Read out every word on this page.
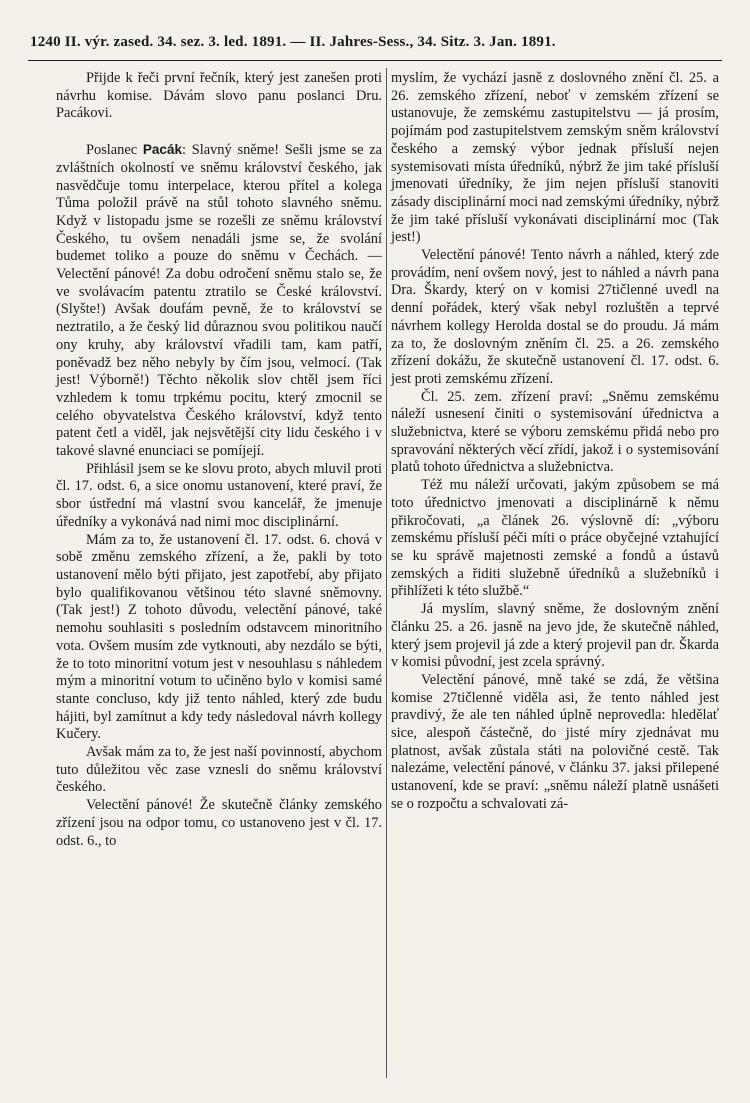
1240 II. výr. zased. 34. sez. 3. led. 1891. — II. Jahres-Sess., 34. Sitz. 3. Jan. 1891.

Přijde k řeči první řečník, který jest zanešen proti návrhu komise. Dávám slovo panu poslanci Dru. Pacákovi.

Poslanec Pacák: Slavný sněme! Sešli jsme se za zvláštních okolností ve sněmu království českého, jak nasvědčuje tomu interpelace, kterou přítel a kolega Tůma položil právě na stůl tohoto slavného sněmu. Když v listopadu jsme se rozešli ze sněmu království Českého, tu ovšem nenadáli jsme se, že svolání budemet toliko a pouze do sněmu v Čechách. — Velectění pánové! Za dobu odročení sněmu stalo se, že ve svolávacím patentu ztratilo se České království. (Slyšte!) Avšak doufám pevně, že to království se neztratilo, a že český lid důraznou svou politikou naučí ony kruhy, aby království vřadili tam, kam patří, poněvadž bez něho nebyly by čím jsou, velmocí. (Tak jest! Výborně!) Těchto několik slov chtěl jsem říci vzhledem k tomu trpkému pocitu, který zmocnil se celého obyvatelstva Českého království, když tento patent četl a viděl, jak nejsvětější city lidu českého i v takové slavné enunciaci se pomíjejí.

Přihlásil jsem se ke slovu proto, abych mluvil proti čl. 17. odst. 6, a sice onomu ustanovení, které praví, že sbor ústřední má vlastní svou kancelář, že jmenuje úředníky a vykonává nad nimi moc disciplinární.

Mám za to, že ustanovení čl. 17. odst. 6. chová v sobě změnu zemského zřízení, a že, pakli by toto ustanovení mělo býti přijato, jest zapotřebí, aby přijato bylo qualifikovanou většinou této slavné sněmovny. (Tak jest!) Z tohoto důvodu, velectění pánové, také nemohu souhlasiti s posledním odstavcem minoritního vota. Ovšem musím zde vytknouti, aby nezdálo se býti, že to toto minoritní votum jest v nesouhlasu s náhledem mým a minoritní votum to učiněno bylo v komisi samé stante concluso, kdy již tento náhled, který zde budu hájiti, byl zamítnut a kdy tedy následoval návrh kollegy Kučery.

Avšak mám za to, že jest naší povinností, abychom tuto důležitou věc zase vznesli do sněmu království českého.

Velectění pánové! Že skutečně články zemského zřízení jsou na odpor tomu, co ustanoveno jest v čl. 17. odst. 6., to

myslím, že vychází jasně z doslovného znění čl. 25. a 26. zemského zřízení, neboť v zemském zřízení se ustanovuje, že zemskému zastupitelstvu — já prosím, pojímám pod zastupitelstvem zemským sněm království českého a zemský výbor jednak přísluší nejen systemisovati místa úředníků, nýbrž že jim také přísluší jmenovati úředníky, že jim nejen přísluší stanoviti zásady disciplinární moci nad zemskými úředníky, nýbrž že jim také přísluší vykonávati disciplinární moc (Tak jest!)

Velectění pánové! Tento návrh a náhled, který zde provádím, není ovšem nový, jest to náhled a návrh pana Dra. Škardy, který on v komisi 27tičlenné uvedl na denní pořádek, který však nebyl rozluštěn a teprvé návrhem kollegy Herolda dostal se do proudu. Já mám za to, že doslovným zněním čl. 25. a 26. zemského zřízení dokážu, že skutečně ustanovení čl. 17. odst. 6. jest proti zemskému zřízení.

Čl. 25. zem. zřízení praví: „Sněmu zemskému náleží usnesení činiti o systemisování úřednictva a služebnictva, které se výboru zemskému přidá nebo pro spravování některých věcí zřídí, jakož i o systemisování platů tohoto úřednictva a služebnictva.

Též mu náleží určovati, jakým způsobem se má toto úřednictvo jmenovati a disciplinárně k němu přikročovati, „a článek 26. výslovně dí: „výboru zemskému přísluší péči míti o práce obyčejné vztahující se ku správě majetnosti zemské a fondů a ústavů zemských a řiditi služebně úředníků a služebníků i přihlížeti k této službě.“

Já myslím, slavný sněme, že doslovným znění článku 25. a 26. jasně na jevo jde, že skutečně náhled, který jsem projevil já zde a který projevil pan dr. Škarda v komisi původní, jest zcela správný.

Velectění pánové, mně také se zdá, že většina komise 27tičlenné viděla asi, že tento náhled jest pravdivý, že ale ten náhled úplně neprovedla: hledělať sice, alespoň částečně, do jisté míry zjednávat mu platnost, avšak zůstala státi na polovičné cestě. Tak nalezáme, velectění pánové, v článku 37. jaksi přilepené ustanovení, kde se praví: „sněmu náleží platně usnášeti se o rozpočtu a schvalovati zá-
